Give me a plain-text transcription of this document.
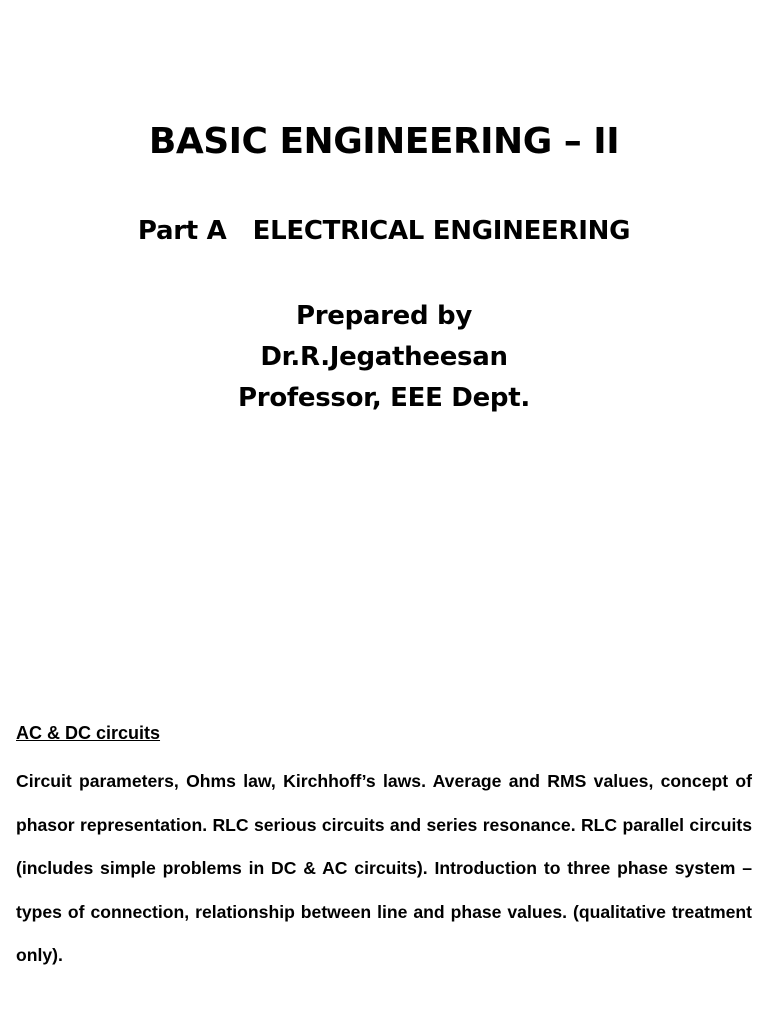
BASIC ENGINEERING – II
Part A   ELECTRICAL ENGINEERING
Prepared by
Dr.R.Jegatheesan
Professor, EEE Dept.
AC & DC circuits

Circuit parameters, Ohms law, Kirchhoff’s laws. Average and RMS values, concept of phasor representation. RLC serious circuits and series resonance. RLC parallel circuits (includes simple problems in DC & AC circuits). Introduction to three phase system – types of connection, relationship between line and phase values. (qualitative treatment only).
